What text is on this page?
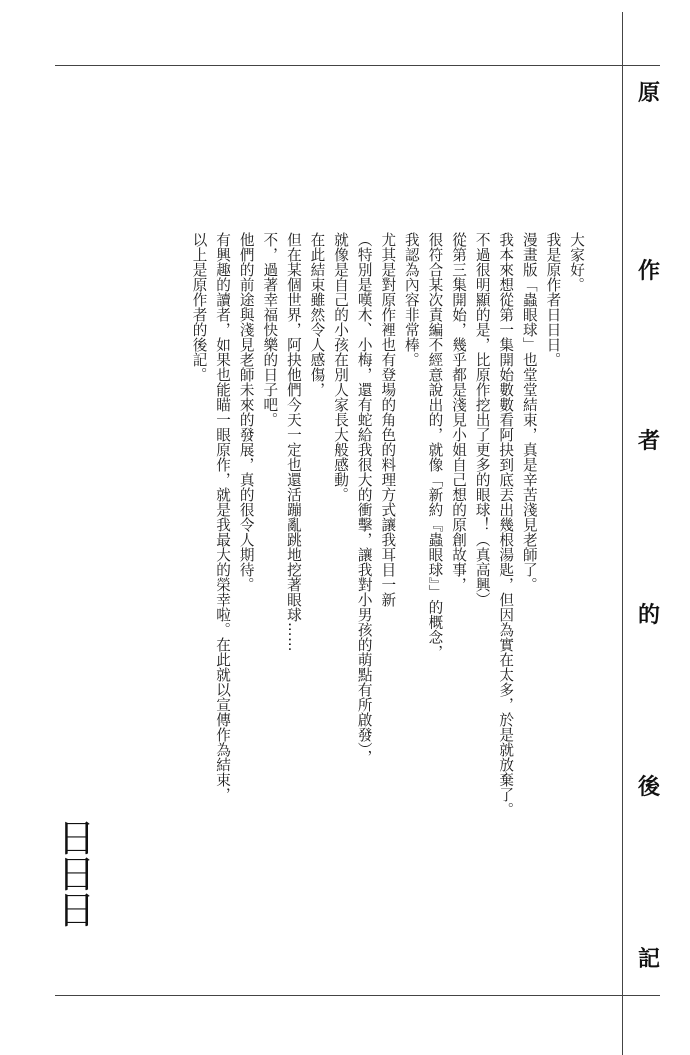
原
作
者
的
後
記

大家好。

我是原作者日日日。

漫畫版「蟲眼球」也堂堂結束，真是辛苦淺見老師了。

我本來想從第一集開始數數看阿抉到底丟出幾根湯匙，但因為實在太多，於是就放棄了。

不過很明顯的是，比原作挖出了更多的眼球！（真高興）

從第三集開始，幾乎都是淺見小姐自己想的原創故事，

很符合某次責編不經意說出的，就像「新約『蟲眼球』」的概念，

我認為內容非常棒。

尤其是對原作裡也有登場的角色的料理方式讓我耳目一新

（特別是嘆木、小梅，還有蛇給我很大的衝擊，讓我對小男孩的萌點有所啟發），

就像是自己的小孩在別人家長大般感動。

在此結束雖然令人感傷，

但在某個世界，阿抉他們今天一定也還活蹦亂跳地挖著眼球……

不，過著幸福快樂的日子吧。

他們的前途與淺見老師未來的發展，真的很令人期待。

有興趣的讀者，如果也能瞄一眼原作，就是我最大的榮幸啦。在此就以宣傳作為結束，

以上是原作者的後記。

日日日
